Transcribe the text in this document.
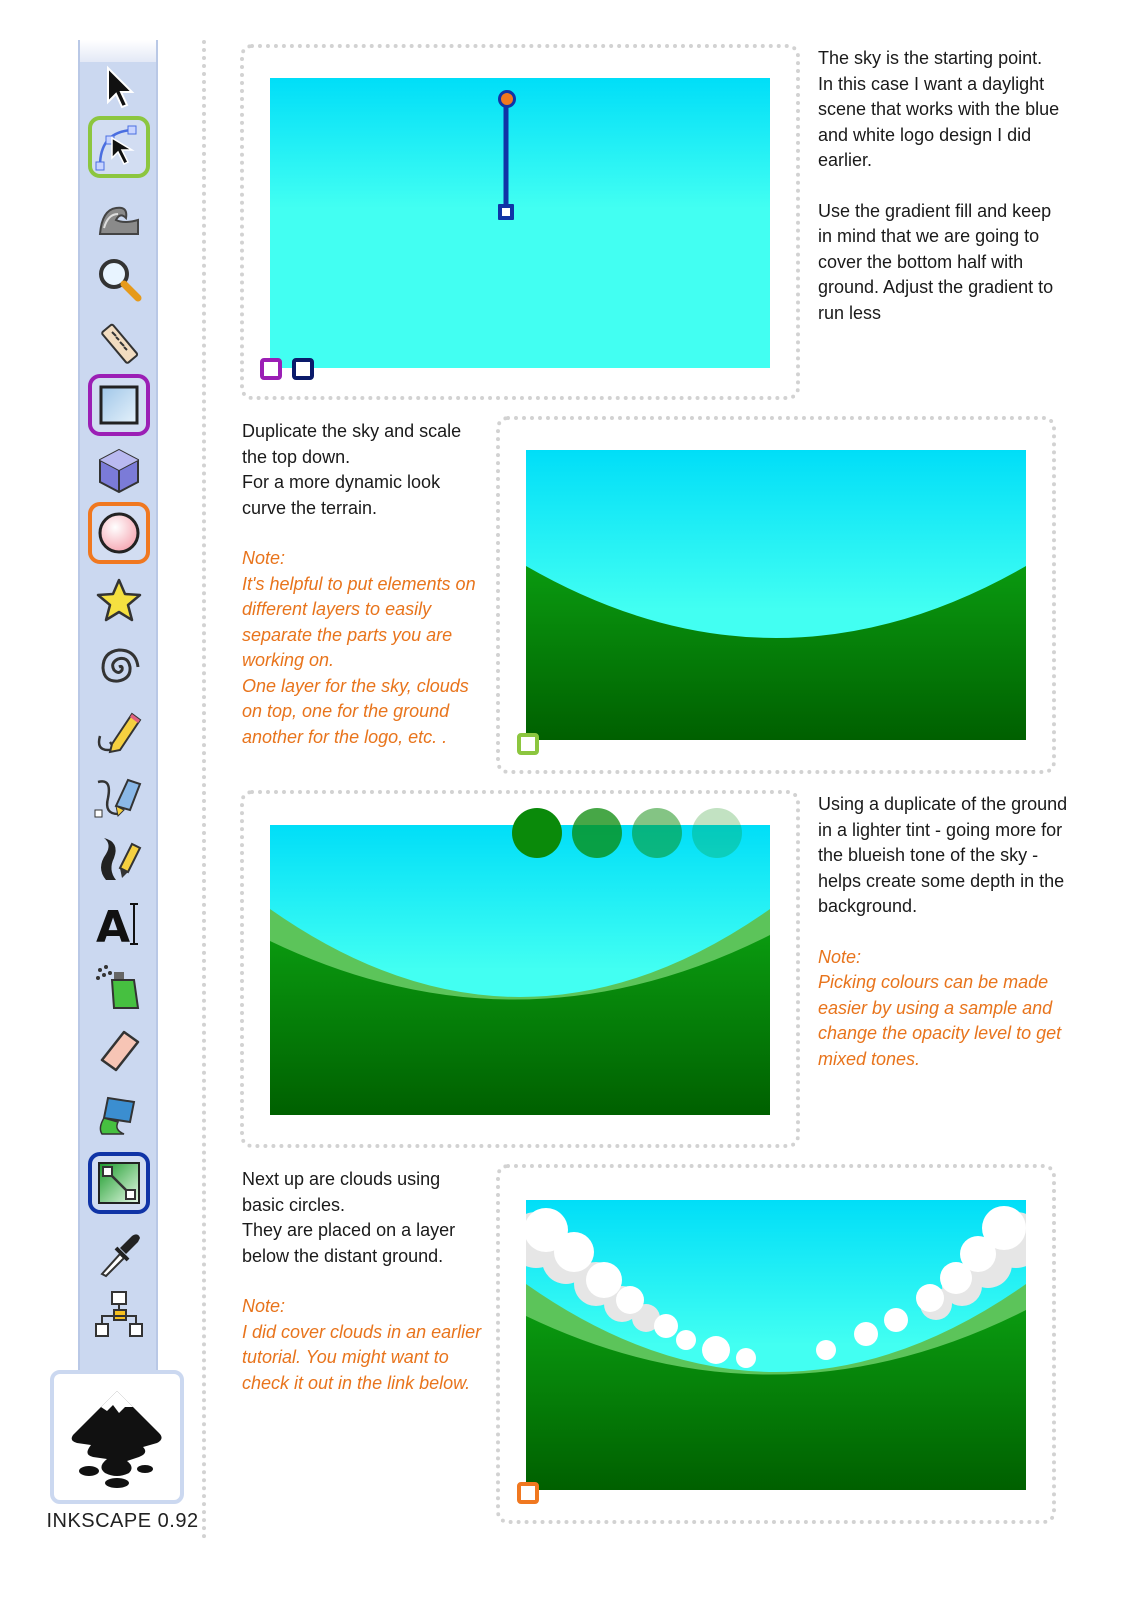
A
INKSCAPE 0.92

The sky is the starting point.
In this case I want a daylight scene that works with the blue and white logo design I did earlier.

Use the gradient fill and keep in mind that we are going to cover the bottom half with ground. Adjust the gradient to run less

Duplicate the sky and scale the top down.
For a more dynamic look curve the terrain.

Note:
It's helpful to put elements on different layers to easily separate the parts you are working on.
One layer for the sky, clouds on top, one for the ground another for the logo, etc. .

Using a duplicate of the ground in a lighter tint - going more for the blueish tone of the sky - helps create some depth in the background.

Note:
Picking colours can be made easier by using a sample and change the opacity level to get mixed tones.

Next up are clouds using basic circles.
They are placed on a layer below the distant ground.

Note:
I did cover clouds in an earlier tutorial. You might want to check it out in the link below.
